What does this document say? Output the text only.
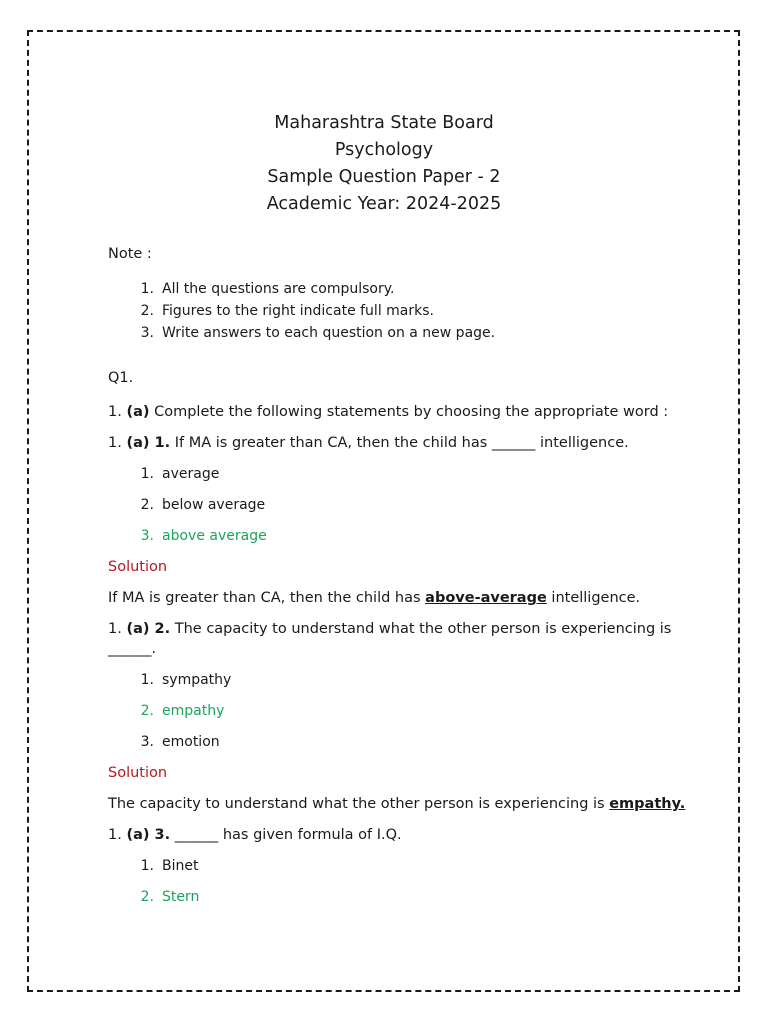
Maharashtra State Board
Psychology
Sample Question Paper - 2
Academic Year: 2024-2025
Note :
1. All the questions are compulsory.
2. Figures to the right indicate full marks.
3. Write answers to each question on a new page.
Q1.
1. (a) Complete the following statements by choosing the appropriate word :
1. (a) 1. If MA is greater than CA, then the child has ______ intelligence.
1. average
2. below average
3. above average
Solution
If MA is greater than CA, then the child has above-average intelligence.
1. (a) 2. The capacity to understand what the other person is experiencing is ______.
1. sympathy
2. empathy
3. emotion
Solution
The capacity to understand what the other person is experiencing is empathy.
1. (a) 3. ______ has given formula of I.Q.
1. Binet
2. Stern
